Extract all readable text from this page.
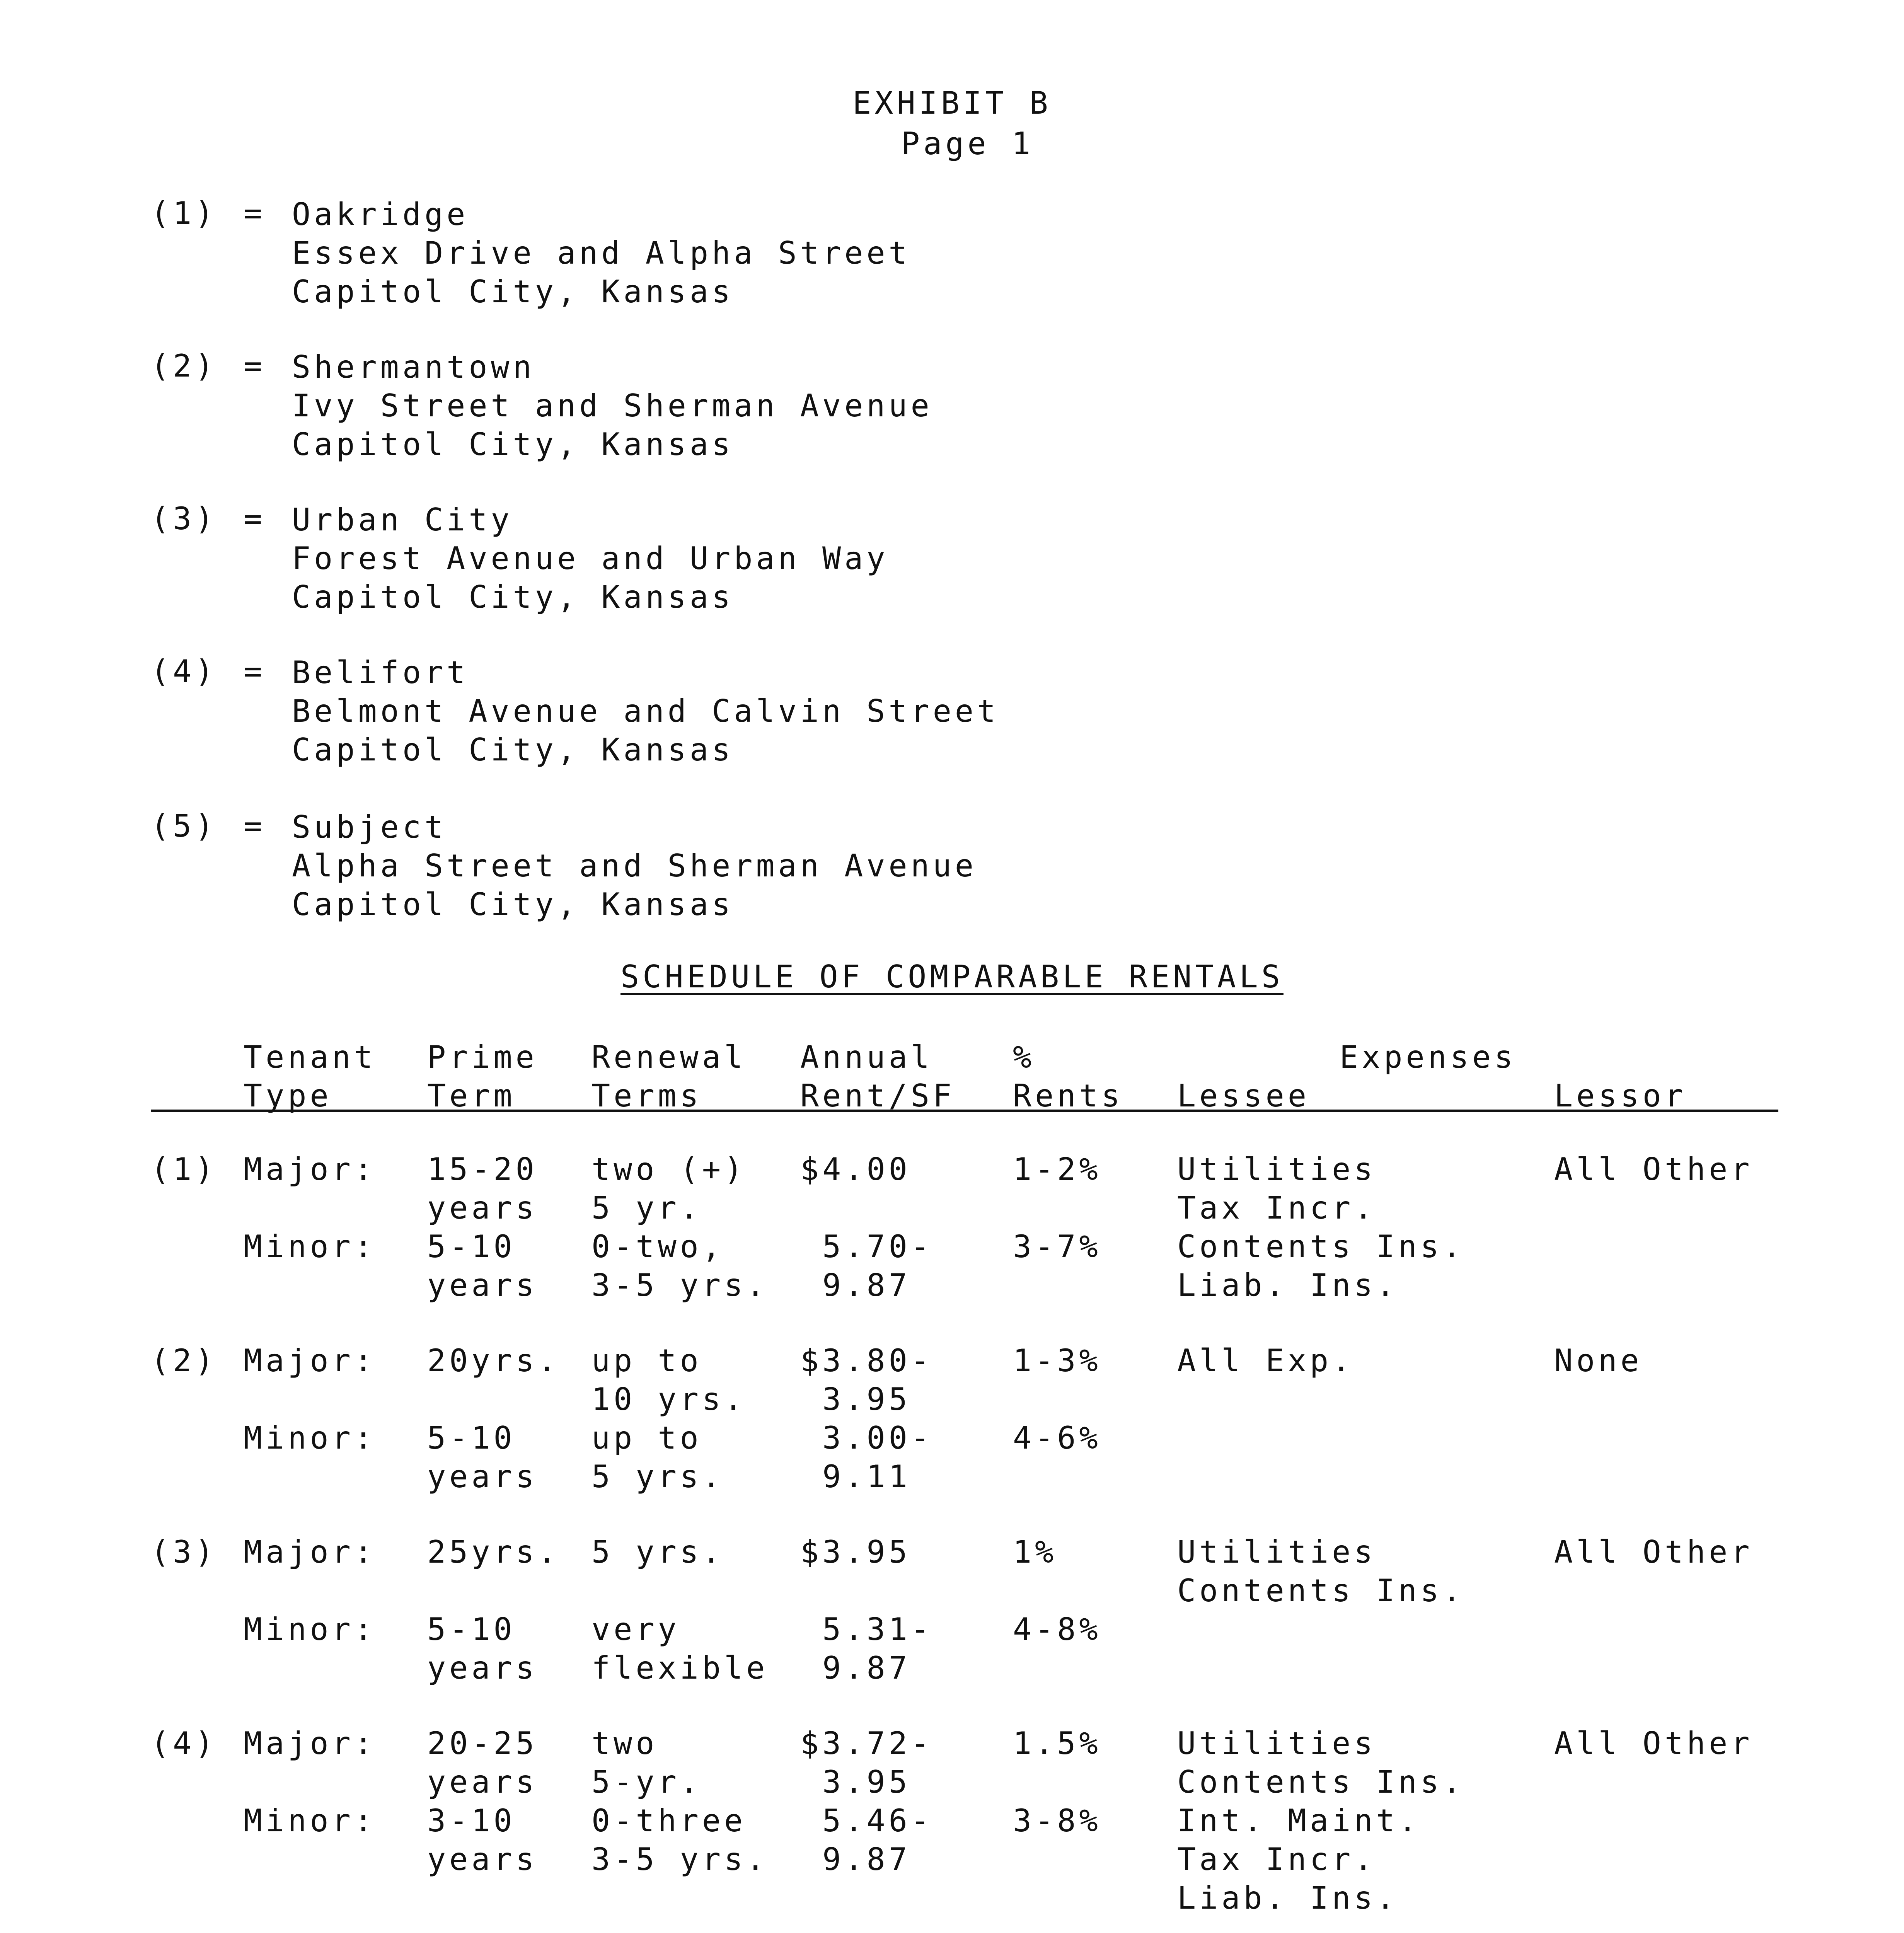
EXHIBIT B
Page 1
(1) = Oakridge
Essex Drive and Alpha Street
Capitol City, Kansas
(2) = Shermantown
Ivy Street and Sherman Avenue
Capitol City, Kansas
(3) = Urban City
Forest Avenue and Urban Way
Capitol City, Kansas
(4) = Belifort
Belmont Avenue and Calvin Street
Capitol City, Kansas
(5) = Subject
Alpha Street and Sherman Avenue
Capitol City, Kansas
SCHEDULE OF COMPARABLE RENTALS
Tenant
Type
Prime
Term
Renewal
Terms
Annual
Rent/SF
%
Rents
Expenses
Lessee	Lessor
(1) Major:

Minor:
15-20
years
5-10
years
two (+)
5 yr.
0-two,
3-5 yrs.
$4.00

5.70-
9.87
1-2%

3-7%
Utilities
Tax Incr.
Contents Ins.
Liab. Ins.
All Other
(2) Major:

Minor:
20yrs.

5-10
years
up to
10 yrs.
up to
5 yrs.
$3.80-
3.95
3.00-
9.11
1-3%

4-6%
All Exp.	None
(3) Major:

Minor:
25yrs.

5-10
years
5 yrs.

very
flexible
$3.95

5.31-
9.87
1%

4-8%
Utilities
Contents Ins.
All Other
(4) Major:

Minor:
20-25
years
3-10
years
two
5-yr.
0-three
3-5 yrs.
$3.72-
3.95
5.46-
9.87
1.5%

3-8%
Utilities
Contents Ins.
Int. Maint.
Tax Incr.
Liab. Ins.
All Other
